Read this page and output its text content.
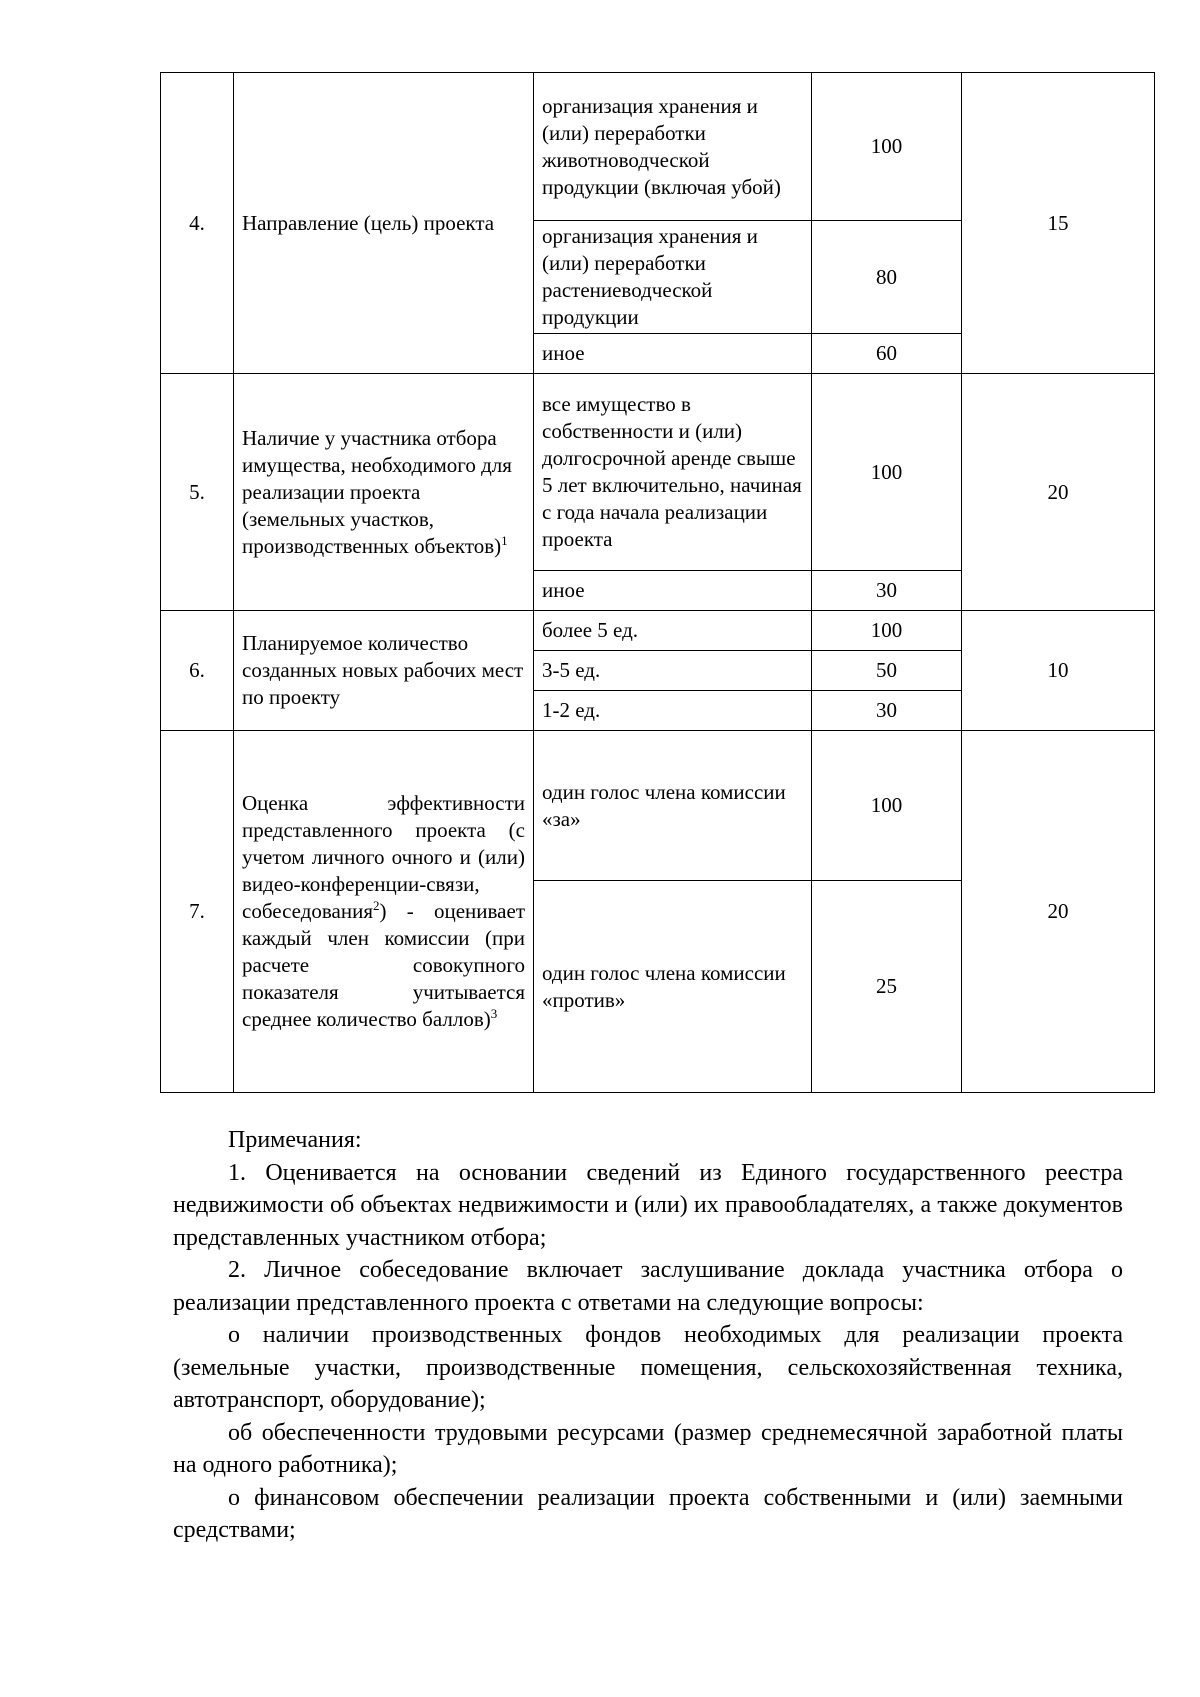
4.	Направление (цель) проекта	организация хранения и (или) переработки животноводческой продукции (включая убой)	100	15
		организация хранения и (или) переработки растениеводческой продукции	80	
		иное	60	
5.	Наличие у участника отбора имущества, необходимого для реализации проекта (земельных участков, производственных объектов)$^1$	все имущество в собственности и (или) долгосрочной аренде свыше 5 лет включительно, начиная с года начала реализации проекта	100	20
		иное	30	
6.	Планируемое количество созданных новых рабочих мест по проекту	более 5 ед.	100	10
		3-5 ед.	50	
		1-2 ед.	30	
7.	Оценка эффективности представленного проекта (с учетом личного очного и (или) видео-конференции-связи, собеседования$^2$) - оценивает каждый член комиссии (при расчете совокупного показателя учитывается среднее количество баллов)$^3$	один голос члена комиссии «за»	100	20
		один голос члена комиссии «против»	25	

Примечания:

1. Оценивается на основании сведений из Единого государственного реестра недвижимости об объектах недвижимости и (или) их правообладателях, а также документов представленных участником отбора;

2. Личное собеседование включает заслушивание доклада участника отбора о реализации представленного проекта с ответами на следующие вопросы:

о наличии производственных фондов необходимых для реализации проекта (земельные участки, производственные помещения, сельскохозяйственная техника, автотранспорт, оборудование);

об обеспеченности трудовыми ресурсами (размер среднемесячной заработной платы на одного работника);

о финансовом обеспечении реализации проекта собственными и (или) заемными средствами;
